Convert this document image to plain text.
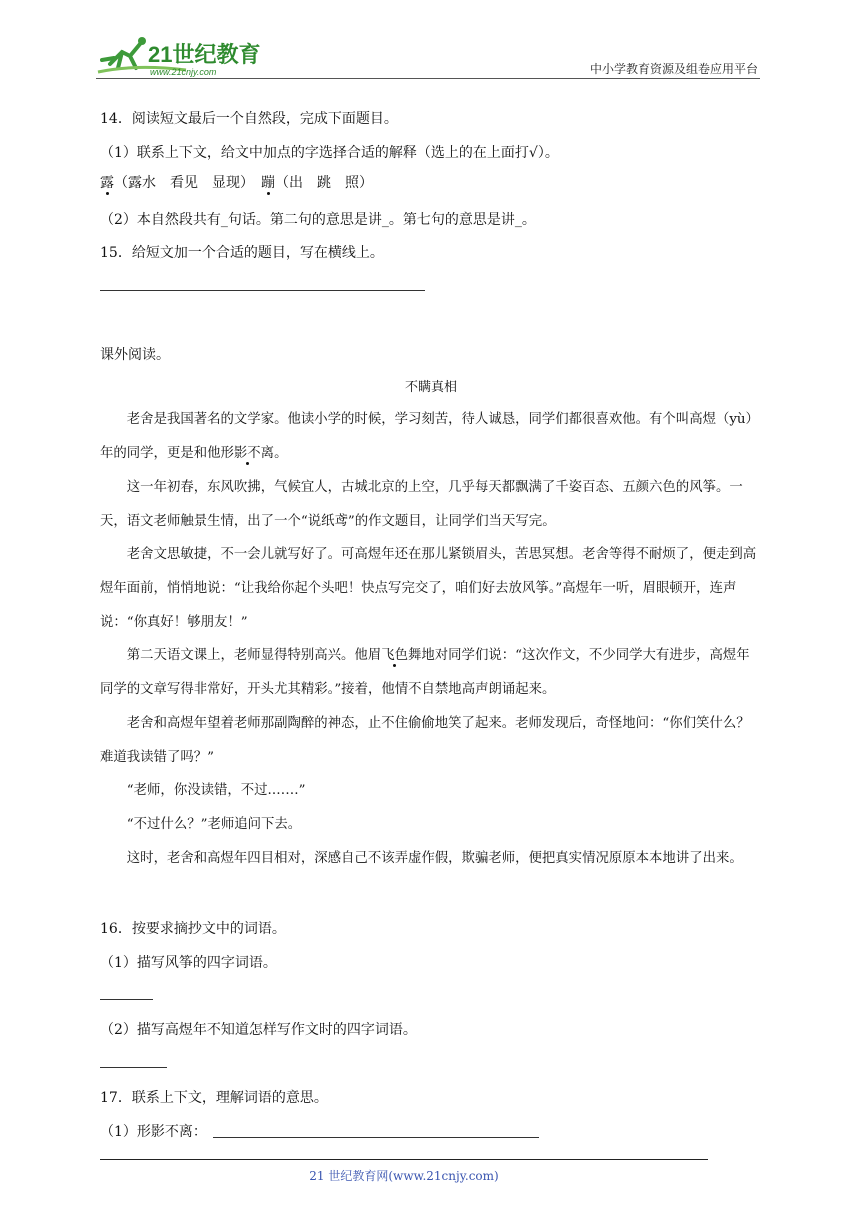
21世纪教育
www.21cnjy.com	中小学教育资源及组卷应用平台
14．阅读短文最后一个自然段，完成下面题目。
（1）联系上下文，给文中加点的字选择合适的解释（选上的在上面打√）。
露（露水　看见　显现）　 蹦（出　跳　照）
（2）本自然段共有_句话。第二句的意思是讲_。第七句的意思是讲_。
15．给短文加一个合适的题目，写在横线上。
课外阅读。
不瞒真相
老舍是我国著名的文学家。他读小学的时候，学习刻苦，待人诚恳，同学们都很喜欢他。有个叫高煜（yù）年的同学，更是和他形影不离。
这一年初春，东风吹拂，气候宜人，古城北京的上空，几乎每天都飘满了千姿百态、五颜六色的风筝。一天，语文老师触景生情，出了一个“说纸鸢”的作文题目，让同学们当天写完。
老舍文思敏捷，不一会儿就写好了。可高煜年还在那儿紧锁眉头，苦思冥想。老舍等得不耐烦了，便走到高煜年面前，悄悄地说：“让我给你起个头吧！快点写完交了，咱们好去放风筝。”高煜年一听，眉眼顿开，连声说：“你真好！够朋友！”
第二天语文课上，老师显得特别高兴。他眉飞色舞地对同学们说：“这次作文，不少同学大有进步，高煜年同学的文章写得非常好，开头尤其精彩。”接着，他情不自禁地高声朗诵起来。
老舍和高煜年望着老师那副陶醉的神态，止不住偷偷地笑了起来。老师发现后，奇怪地问：“你们笑什么？难道我读错了吗？”
“老师，你没读错，不过.……”
“不过什么？”老师追问下去。
这时，老舍和高煜年四目相对，深感自己不该弄虚作假，欺骗老师，便把真实情况原原本本地讲了出来。
16．按要求摘抄文中的词语。
（1）描写风筝的四字词语。
（2）描写高煜年不知道怎样写作文时的四字词语。
17．联系上下文，理解词语的意思。
（1）形影不离：
21 世纪教育网(www.21cnjy.com)
